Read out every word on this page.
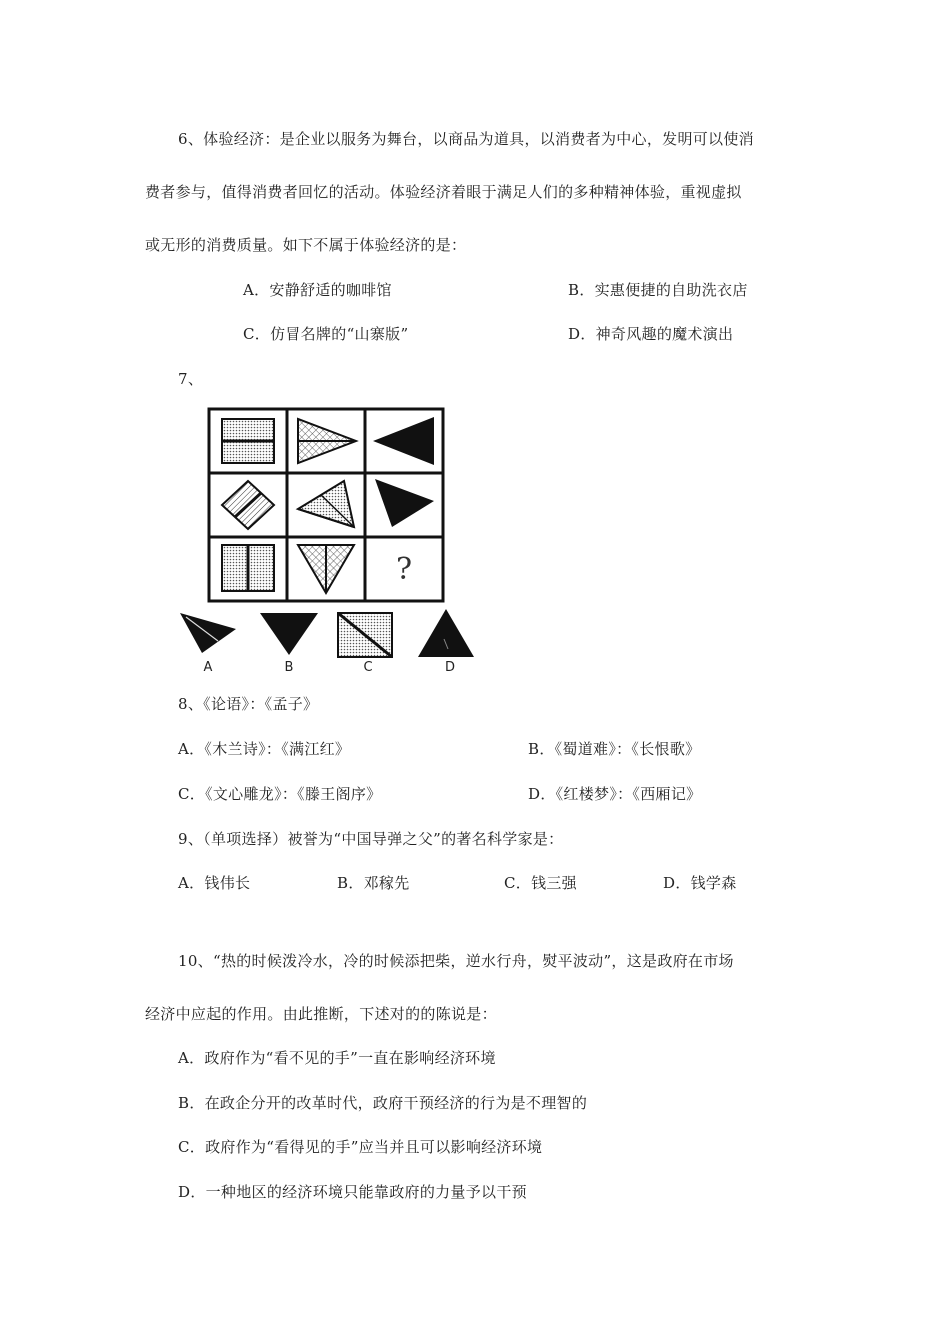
6、体验经济：是企业以服务为舞台，以商品为道具，以消费者为中心，发明可以使消
费者参与，值得消费者回忆的活动。体验经济着眼于满足人们的多种精神体验，重视虚拟
或无形的消费质量。如下不属于体验经济的是：
A．安静舒适的咖啡馆	B．实惠便捷的自助洗衣店
C．仿冒名牌的“山寨版”	D．神奇风趣的魔术演出
7、
?
A	B	C	D
8、《论语》：《孟子》
A．《木兰诗》：《满江红》	B．《蜀道难》：《长恨歌》
C．《文心雕龙》：《滕王阁序》	D．《红楼梦》：《西厢记》
9、（单项选择）被誉为“中国导弹之父”的著名科学家是：
A．钱伟长	B．邓稼先	C．钱三强	D．钱学森
10、“热的时候泼冷水，冷的时候添把柴，逆水行舟，熨平波动”，这是政府在市场
经济中应起的作用。由此推断，下述对的的陈说是：
A．政府作为“看不见的手”一直在影响经济环境
B．在政企分开的改革时代，政府干预经济的行为是不理智的
C．政府作为“看得见的手”应当并且可以影响经济环境
D．一种地区的经济环境只能靠政府的力量予以干预
